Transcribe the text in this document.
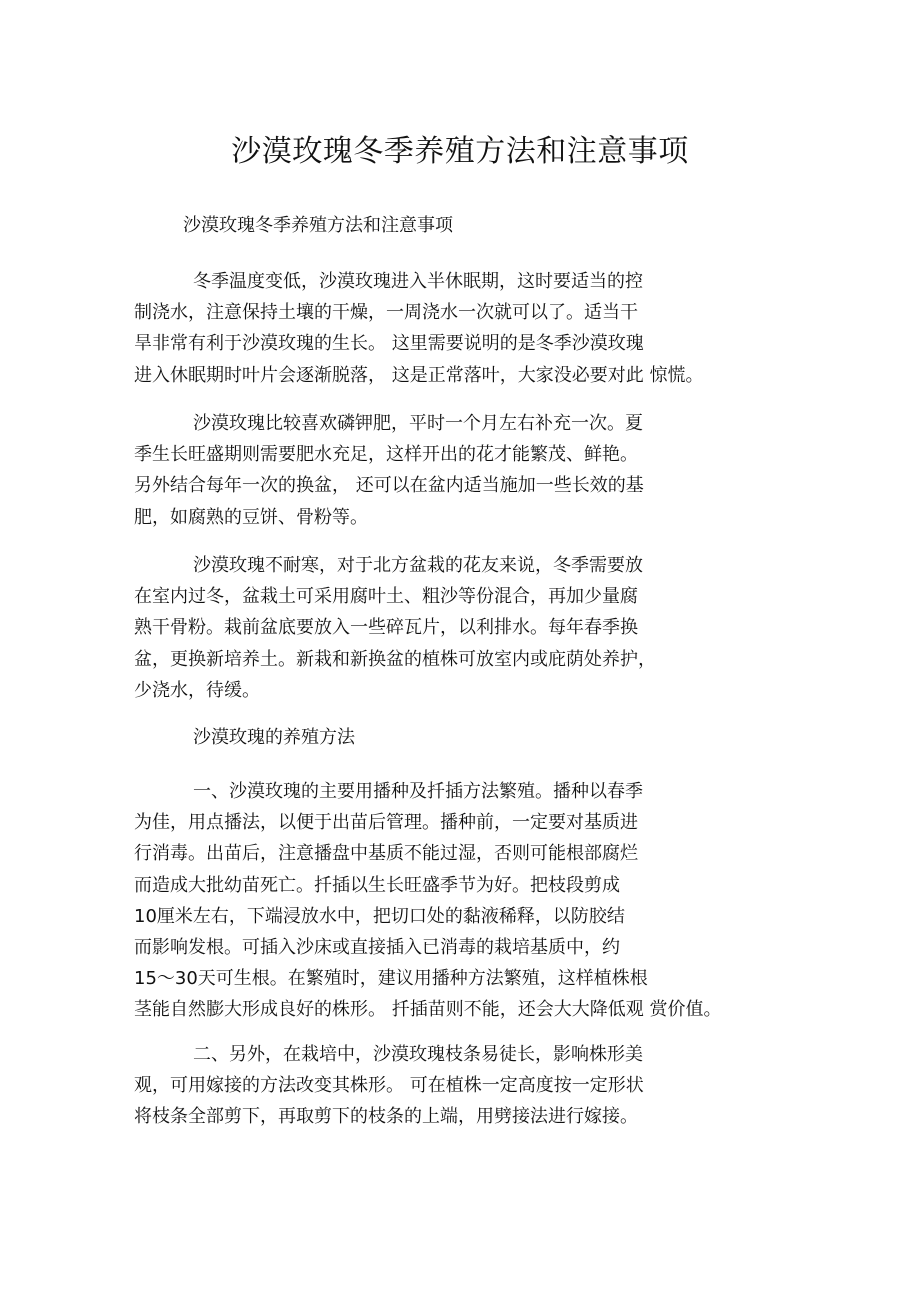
沙漠玫瑰冬季养殖方法和注意事项
沙漠玫瑰冬季养殖方法和注意事项
冬季温度变低，沙漠玫瑰进入半休眠期，这时要适当的控
制浇水，注意保持土壤的干燥，一周浇水一次就可以了。适当干
旱非常有利于沙漠玫瑰的生长。 这里需要说明的是冬季沙漠玫瑰
进入休眠期时叶片会逐渐脱落， 这是正常落叶，大家没必要对此 惊慌。
沙漠玫瑰比较喜欢磷钾肥，平时一个月左右补充一次。夏
季生长旺盛期则需要肥水充足，这样开出的花才能繁茂、鲜艳。
另外结合每年一次的换盆， 还可以在盆内适当施加一些长效的基
肥，如腐熟的豆饼、骨粉等。
沙漠玫瑰不耐寒，对于北方盆栽的花友来说，冬季需要放
在室内过冬，盆栽土可采用腐叶土、粗沙等份混合，再加少量腐
熟干骨粉。栽前盆底要放入一些碎瓦片，以利排水。每年春季换
盆，更换新培养土。新栽和新换盆的植株可放室内或庇荫处养护，
少浇水，待缓。
沙漠玫瑰的养殖方法
一、沙漠玫瑰的主要用播种及扦插方法繁殖。播种以春季
为佳，用点播法，以便于出苗后管理。播种前，一定要对基质进
行消毒。出苗后，注意播盘中基质不能过湿，否则可能根部腐烂
而造成大批幼苗死亡。扦插以生长旺盛季节为好。把枝段剪成
10厘米左右，下端浸放水中，把切口处的黏液稀释，以防胶结
而影响发根。可插入沙床或直接插入已消毒的栽培基质中，约
15〜30天可生根。在繁殖时，建议用播种方法繁殖，这样植株根
茎能自然膨大形成良好的株形。 扦插苗则不能，还会大大降低观 赏价值。
二、另外，在栽培中，沙漠玫瑰枝条易徒长，影响株形美
观，可用嫁接的方法改变其株形。 可在植株一定高度按一定形状
将枝条全部剪下，再取剪下的枝条的上端，用劈接法进行嫁接。
